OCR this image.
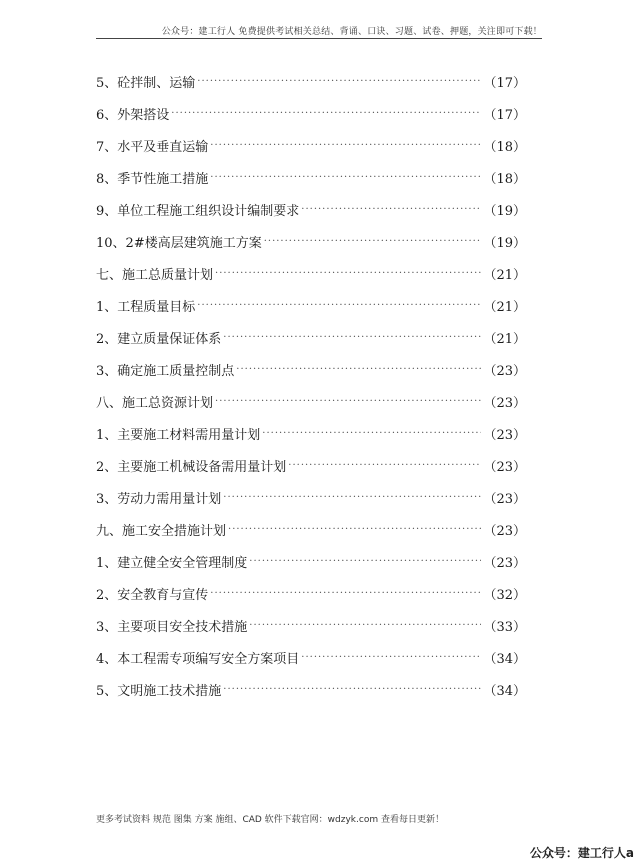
公众号：建工行人 免费提供考试相关总结、背诵、口诀、习题、试卷、押题，关注即可下载！
5、砼拌制、运输 ·····	（17）
6、外架搭设 ·····	（17）
7、水平及垂直运输 ·····	（18）
8、季节性施工措施 ·····	（18）
9、单位工程施工组织设计编制要求 ·····	（19）
10、2#楼高层建筑施工方案 ·····	（19）
七、施工总质量计划 ·····	（21）
1、工程质量目标 ·····	（21）
2、建立质量保证体系 ·····	（21）
3、确定施工质量控制点 ·····	（23）
八、施工总资源计划 ·····	（23）
1、主要施工材料需用量计划 ·····	（23）
2、主要施工机械设备需用量计划 ·····	（23）
3、劳动力需用量计划 ·····	（23）
九、施工安全措施计划 ·····	（23）
1、建立健全安全管理制度 ·····	（23）
2、安全教育与宣传 ·····	（32）
3、主要项目安全技术措施 ·····	（33）
4、本工程需专项编写安全方案项目 ·····	（34）
5、文明施工技术措施 ·····	（34）
更多考试资料 规范 图集 方案 施组、CAD 软件下载官网：wdzyk.com 查看每日更新！
公众号：建工行人a
